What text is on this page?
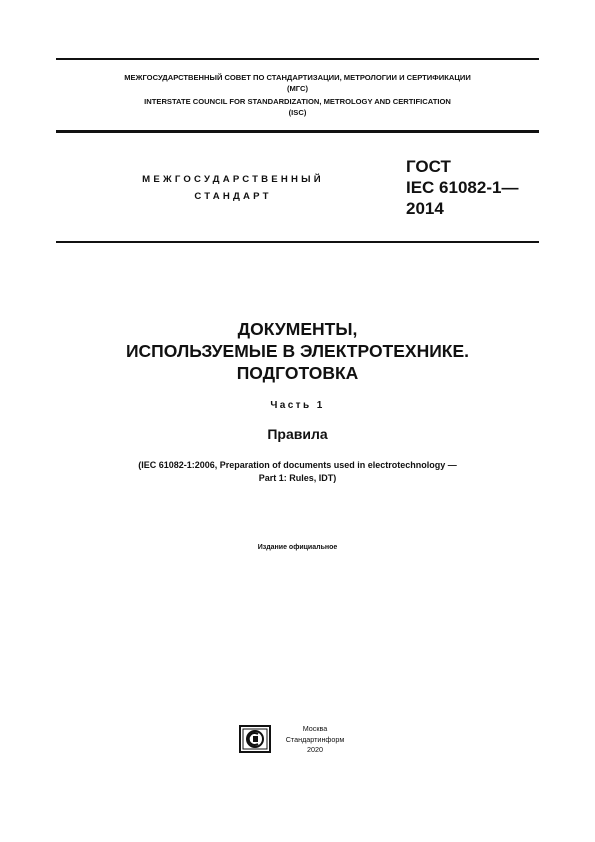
МЕЖГОСУДАРСТВЕННЫЙ СОВЕТ ПО СТАНДАРТИЗАЦИИ, МЕТРОЛОГИИ И СЕРТИФИКАЦИИ
(МГС)
INTERSTATE COUNCIL FOR STANDARDIZATION, METROLOGY AND CERTIFICATION
(ISC)
МЕЖГОСУДАРСТВЕННЫЙ
СТАНДАРТ
ГОСТ
IEC 61082-1—
2014
ДОКУМЕНТЫ,
ИСПОЛЬЗУЕМЫЕ В ЭЛЕКТРОТЕХНИКЕ.
ПОДГОТОВКА
Часть 1
Правила
(IEC 61082-1:2006, Preparation of documents used in electrotechnology —
Part 1: Rules, IDT)
Издание официальное
Москва
Стандартинформ
2020
